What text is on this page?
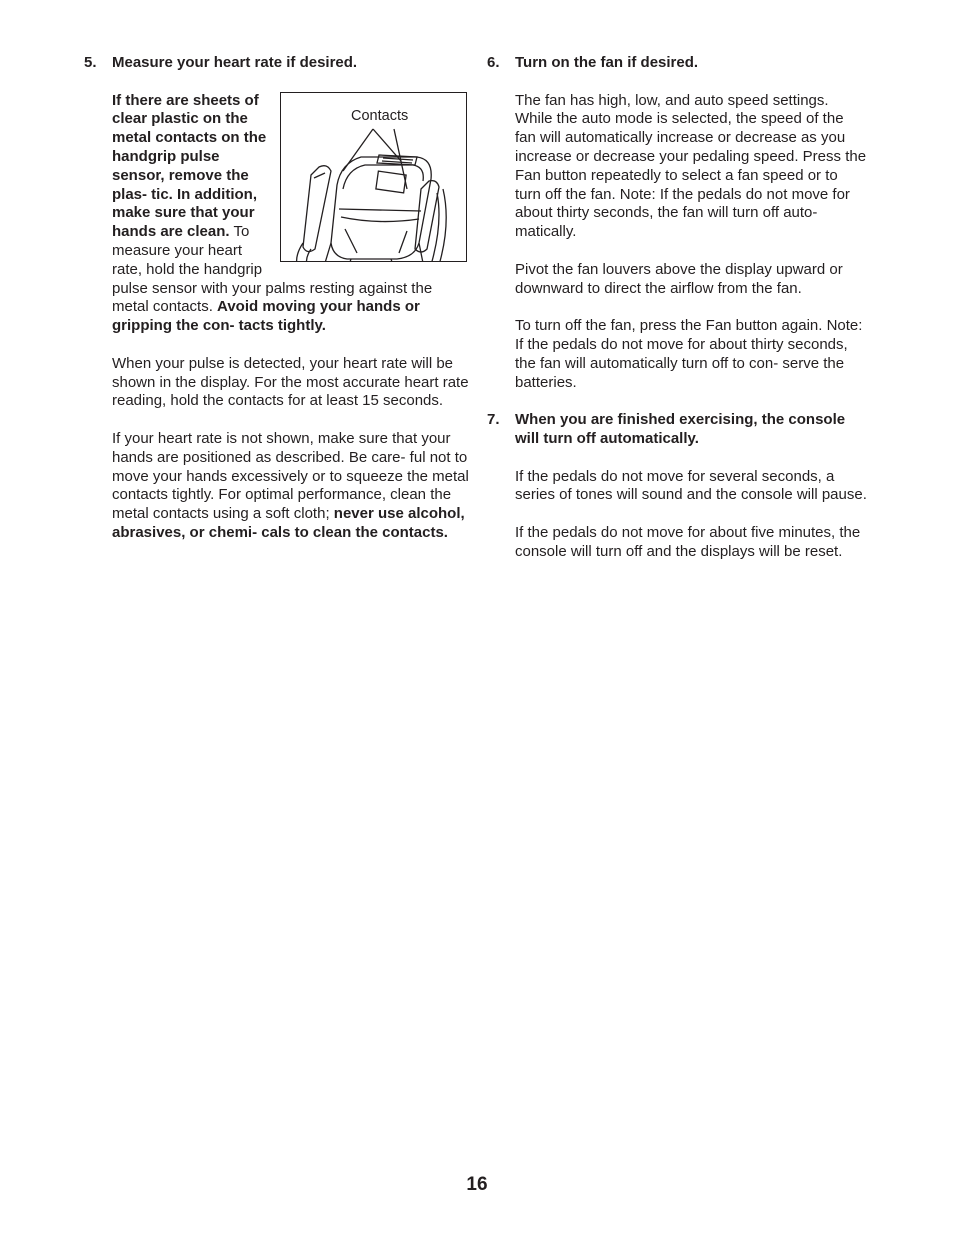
5.	Measure your heart rate if desired.
Contacts
If there are sheets of clear plastic on the metal contacts on the handgrip pulse sensor, remove the plas- tic. In addition, make sure that your hands are clean. To measure your heart rate, hold the handgrip pulse sensor with your palms resting against the metal contacts. Avoid moving your hands or gripping the con- tacts tightly.

When your pulse is detected, your heart rate will be shown in the display. For the most accurate heart rate reading, hold the contacts for at least 15 seconds.

If your heart rate is not shown, make sure that your hands are positioned as described. Be care- ful not to move your hands excessively or to squeeze the metal contacts tightly. For optimal performance, clean the metal contacts using a soft cloth; never use alcohol, abrasives, or chemi- cals to clean the contacts.

6.	Turn on the fan if desired.

The fan has high, low, and auto speed settings. While the auto mode is selected, the speed of the fan will automatically increase or decrease as you increase or decrease your pedaling speed. Press the Fan button repeatedly to select a fan speed or to turn off the fan. Note: If the pedals do not move for about thirty seconds, the fan will turn off auto- matically.

Pivot the fan louvers above the display upward or downward to direct the airflow from the fan.

To turn off the fan, press the Fan button again. Note: If the pedals do not move for about thirty seconds, the fan will automatically turn off to con- serve the batteries.

7.	When you are finished exercising, the console will turn off automatically.

If the pedals do not move for several seconds, a series of tones will sound and the console will pause.

If the pedals do not move for about five minutes, the console will turn off and the displays will be reset.

16
